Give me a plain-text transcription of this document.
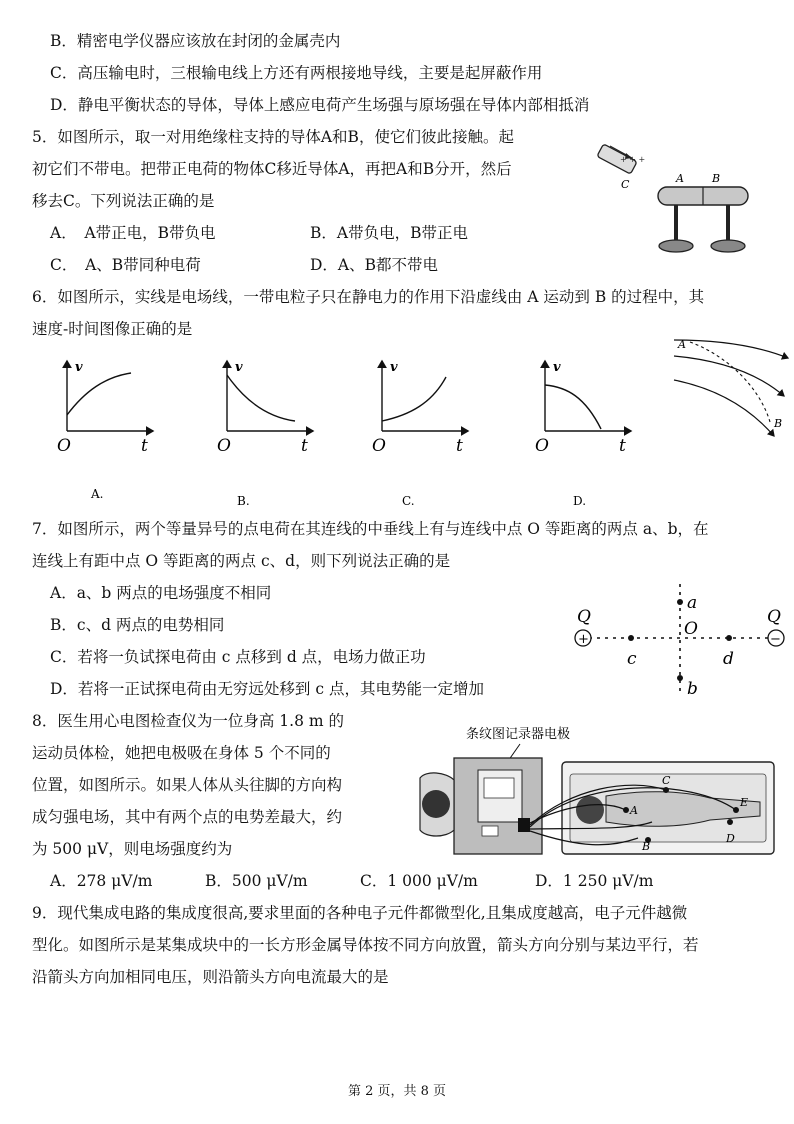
B．精密电学仪器应该放在封闭的金属壳内
C．高压输电时，三根输电线上方还有两根接地导线，主要是起屏蔽作用
D．静电平衡状态的导体，导体上感应电荷产生场强与原场强在导体内部相抵消
5．如图所示，取一对用绝缘柱支持的导体A和B，使它们彼此接触。起
初它们不带电。把带正电荷的物体C移近导体A，再把A和B分开，然后
移去C。下列说法正确的是
A．　A带正电，B带负电	B．A带负电，B带正电
C．　A、B带同种电荷	D．A、B都不带电
+ + +
C	A	B
6．如图所示，实线是电场线，一带电粒子只在静电力的作用下沿虚线由 A 运动到 B 的过程中，其
速度-时间图像正确的是
v
O	t
A.
v
O	t
B.
v
O	t
C.
v
O	t
D.
A
B
7．如图所示，两个等量异号的点电荷在其连线的中垂线上有与连线中点 O 等距离的两点 a、b，在
连线上有距中点 O 等距离的两点 c、d，则下列说法正确的是
A．a、b 两点的电场强度不相同
B．c、d 两点的电势相同
C．若将一负试探电荷由 c 点移到 d 点，电场力做正功
D．若将一正试探电荷由无穷远处移到 c 点，其电势能一定增加
+
Q
−
Q
c	d
a
b
O
8．医生用心电图检查仪为一位身高 1.8 m 的
运动员体检，她把电极吸在身体 5 个不同的
位置，如图所示。如果人体从头往脚的方向构
成匀强电场，其中有两个点的电势差最大，约
为 500 μV，则电场强度约为
A．278 μV/m	B．500 μV/m	C．1 000 μV/m	D．1 250 μV/m
条纹图记录器电极
A
C
E
D
B
9．现代集成电路的集成度很高,要求里面的各种电子元件都微型化,且集成度越高，电子元件越微
型化。如图所示是某集成块中的一长方形金属导体按不同方向放置，箭头方向分别与某边平行，若
沿箭头方向加相同电压，则沿箭头方向电流最大的是
第 2 页，共 8 页
